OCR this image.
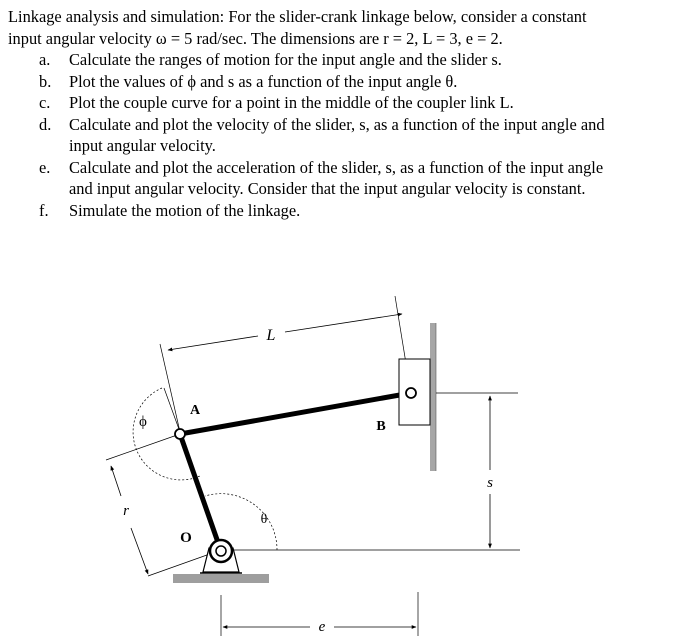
Linkage analysis and simulation: For the slider-crank linkage below, consider a constant
input angular velocity ω = 5 rad/sec. The dimensions are r = 2, L = 3, e = 2.

a. Calculate the ranges of motion for the input angle and the slider s.
b. Plot the values of ϕ and s as a function of the input angle θ.
c. Plot the couple curve for a point in the middle of the coupler link L.
d. Calculate and plot the velocity of the slider, s, as a function of the input angle and
input angular velocity.
e. Calculate and plot the acceleration of the slider, s, as a function of the input angle
and input angular velocity. Consider that the input angular velocity is constant.
f. Simulate the motion of the linkage.
L
ϕ
r
θ
s
e
A
B
O
